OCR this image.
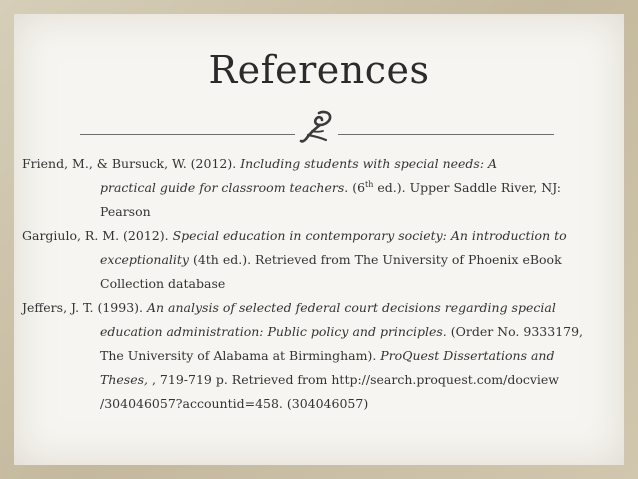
References
Friend, M., & Bursuck, W. (2012). Including students with special needs: A
practical guide for classroom teachers. (6th ed.). Upper Saddle River, NJ:
Pearson
Gargiulo, R. M. (2012). Special education in contemporary society: An introduction to
exceptionality (4th ed.). Retrieved from The University of Phoenix eBook
Collection database
Jeffers, J. T. (1993). An analysis of selected federal court decisions regarding special
education administration: Public policy and principles. (Order No. 9333179,
The University of Alabama at Birmingham). ProQuest Dissertations and
Theses, , 719-719 p. Retrieved from http://search.proquest.com/docview
/304046057?accountid=458. (304046057)
